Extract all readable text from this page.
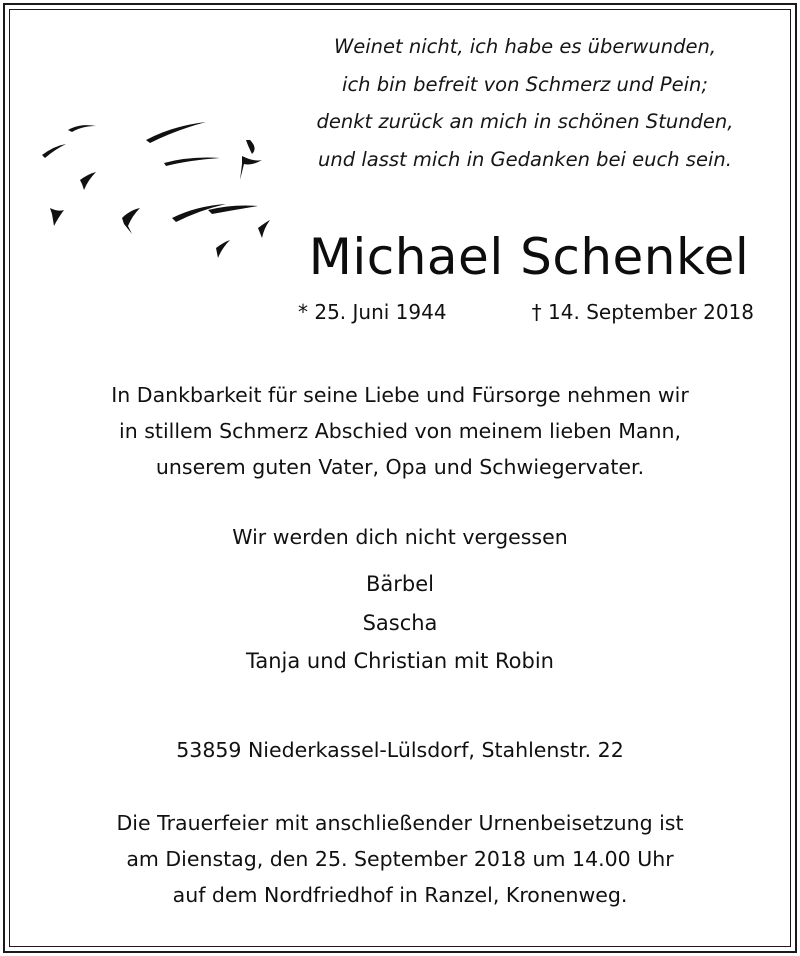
Weinet nicht, ich habe es überwunden,
ich bin befreit von Schmerz und Pein;
denkt zurück an mich in schönen Stunden,
und lasst mich in Gedanken bei euch sein.
Michael Schenkel
* 25. Juni 1944	† 14. September 2018
In Dankbarkeit für seine Liebe und Fürsorge nehmen wir
in stillem Schmerz Abschied von meinem lieben Mann,
unserem guten Vater, Opa und Schwiegervater.
Wir werden dich nicht vergessen
Bärbel
Sascha
Tanja und Christian mit Robin
53859 Niederkassel-Lülsdorf, Stahlenstr. 22
Die Trauerfeier mit anschließender Urnenbeisetzung ist
am Dienstag, den 25. September 2018 um 14.00 Uhr
auf dem Nordfriedhof in Ranzel, Kronenweg.
